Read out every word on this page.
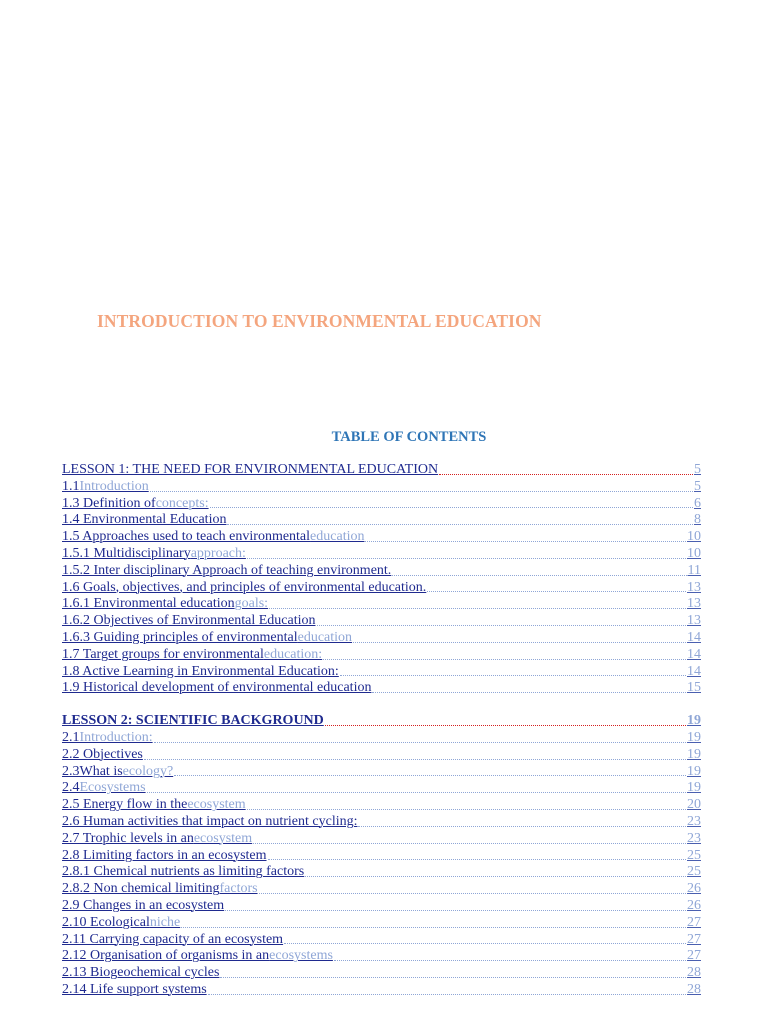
INTRODUCTION TO ENVIRONMENTAL EDUCATION
TABLE OF CONTENTS
LESSON 1: THE NEED FOR ENVIRONMENTAL EDUCATION	5
1.1 Introduction	5
1.3 Definition of concepts:	6
1.4 Environmental Education	8
1.5 Approaches used to teach environmental education	10
1.5.1 Multidisciplinary approach:	10
1.5.2 Inter disciplinary Approach of teaching environment.	11
1.6 Goals, objectives, and principles of environmental education.	13
1.6.1 Environmental education goals:	13
1.6.2 Objectives of Environmental Education	13
1.6.3 Guiding principles of environmental education	14
1.7 Target groups for environmental education:	14
1.8 Active Learning in Environmental Education:	14
1.9 Historical development of environmental education	15
LESSON 2: SCIENTIFIC BACKGROUND	19
2.1 Introduction:	19
2.2 Objectives	19
2.3What is ecology?	19
2.4 Ecosystems	19
2.5 Energy flow in the ecosystem	20
2.6 Human activities that impact on nutrient cycling:	23
2.7 Trophic levels in an ecosystem	23
2.8 Limiting factors in an ecosystem	25
2.8.1 Chemical nutrients as limiting factors	25
2.8.2 Non chemical limiting factors	26
2.9 Changes in an ecosystem	26
2.10 Ecological niche	27
2.11 Carrying capacity of an ecosystem	27
2.12 Organisation of organisms in an ecosystems	27
2.13 Biogeochemical cycles	28
2.14 Life support systems	28
